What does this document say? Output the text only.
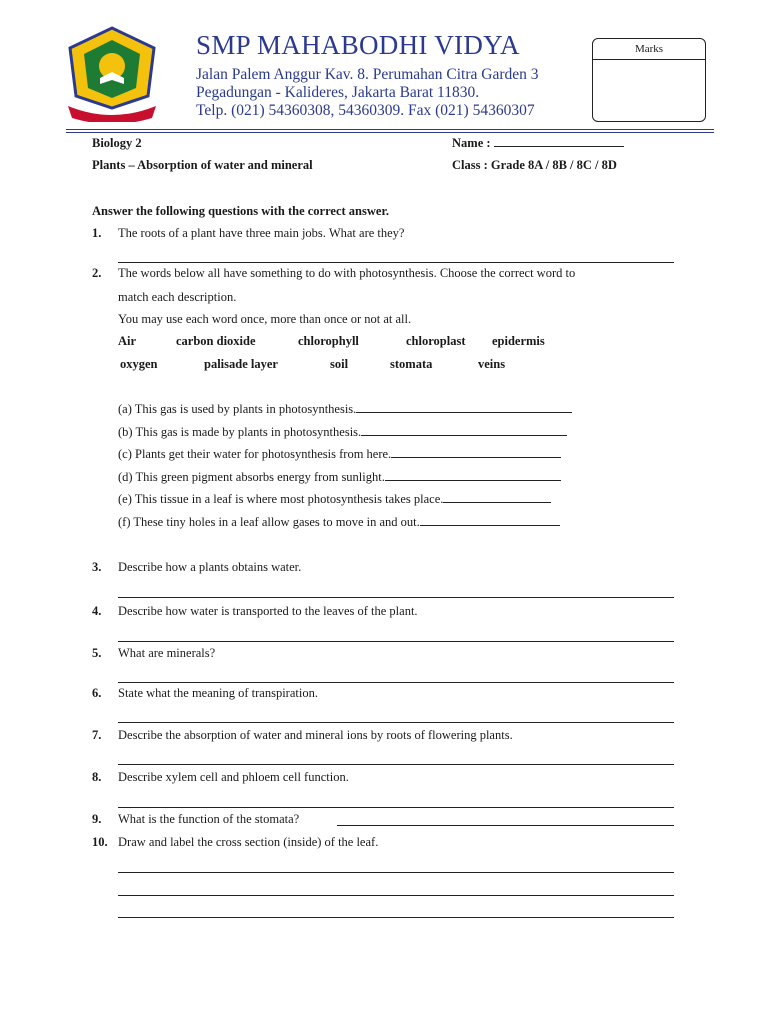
SMP MAHABODHI VIDYA
Jalan Palem Anggur Kav. 8. Perumahan Citra Garden 3
Pegadungan - Kalideres, Jakarta Barat 11830.
Telp. (021) 54360308, 54360309. Fax (021) 54360307
Marks
Biology 2	Name :
Plants – Absorption of water and mineral	Class : Grade 8A / 8B / 8C / 8D
Answer the following questions with the correct answer.
1. The roots of a plant have three main jobs. What are they?
2. The words below all have something to do with photosynthesis. Choose the correct word to
match each description.
You may use each word once, more than once or not at all.
Air	carbon dioxide	chlorophyll	chloroplast epidermis
oxygen	palisade layer	soil	stomata	veins
(a) This gas is used by plants in photosynthesis.
(b) This gas is made by plants in photosynthesis.
(c) Plants get their water for photosynthesis from here.
(d) This green pigment absorbs energy from sunlight.
(e) This tissue in a leaf is where most photosynthesis takes place.
(f) These tiny holes in a leaf allow gases to move in and out.
3. Describe how a plants obtains water.
4. Describe how water is transported to the leaves of the plant.
5. What are minerals?
6. State what the meaning of transpiration.
7. Describe the absorption of water and mineral ions by roots of flowering plants.
8. Describe xylem cell and phloem cell function.
9. What is the function of the stomata?
10. Draw and label the cross section (inside) of the leaf.
